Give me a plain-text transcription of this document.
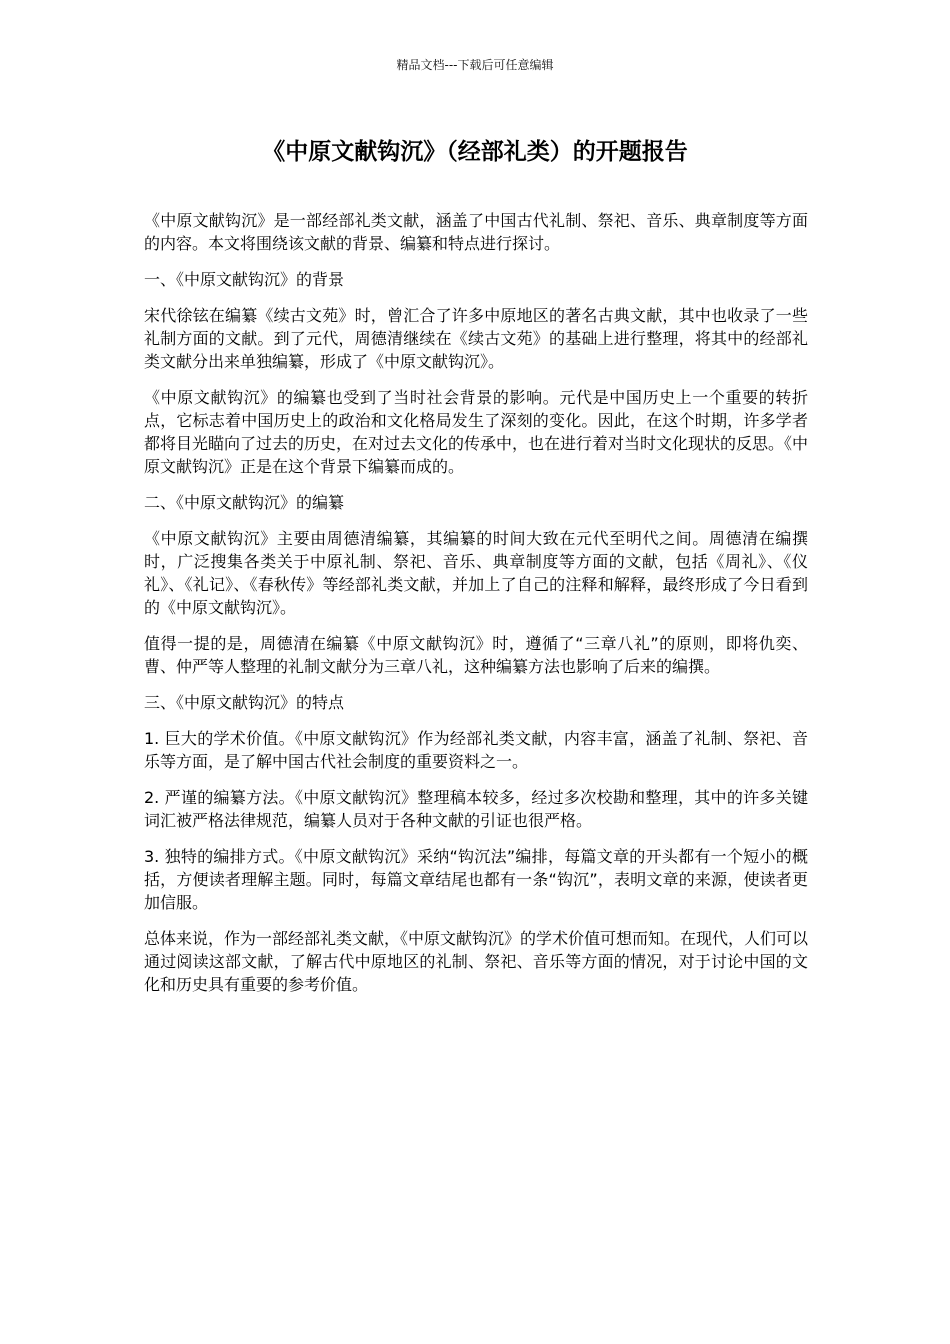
精品文档---下载后可任意编辑
《中原文献钩沉》（经部礼类）的开题报告

《中原文献钩沉》是一部经部礼类文献，涵盖了中国古代礼制、祭祀、音乐、典章制度等方面的内容。本文将围绕该文献的背景、编纂和特点进行探讨。

一、《中原文献钩沉》的背景

宋代徐铉在编纂《续古文苑》时，曾汇合了许多中原地区的著名古典文献，其中也收录了一些礼制方面的文献。到了元代，周德清继续在《续古文苑》的基础上进行整理，将其中的经部礼类文献分出来单独编纂，形成了《中原文献钩沉》。

《中原文献钩沉》的编纂也受到了当时社会背景的影响。元代是中国历史上一个重要的转折点，它标志着中国历史上的政治和文化格局发生了深刻的变化。因此，在这个时期，许多学者都将目光瞄向了过去的历史，在对过去文化的传承中，也在进行着对当时文化现状的反思。《中原文献钩沉》正是在这个背景下编纂而成的。

二、《中原文献钩沉》的编纂

《中原文献钩沉》主要由周德清编纂，其编纂的时间大致在元代至明代之间。周德清在编撰时，广泛搜集各类关于中原礼制、祭祀、音乐、典章制度等方面的文献，包括《周礼》、《仪礼》、《礼记》、《春秋传》等经部礼类文献，并加上了自己的注释和解释，最终形成了今日看到的《中原文献钩沉》。

值得一提的是，周德清在编纂《中原文献钩沉》时，遵循了“三章八礼”的原则，即将仇奕、曹、仲严等人整理的礼制文献分为三章八礼，这种编纂方法也影响了后来的编撰。

三、《中原文献钩沉》的特点

1. 巨大的学术价值。《中原文献钩沉》作为经部礼类文献，内容丰富，涵盖了礼制、祭祀、音乐等方面，是了解中国古代社会制度的重要资料之一。

2. 严谨的编纂方法。《中原文献钩沉》整理稿本较多，经过多次校勘和整理，其中的许多关键词汇被严格法律规范，编纂人员对于各种文献的引证也很严格。

3. 独特的编排方式。《中原文献钩沉》采纳“钩沉法”编排，每篇文章的开头都有一个短小的概括，方便读者理解主题。同时，每篇文章结尾也都有一条“钩沉”，表明文章的来源，使读者更加信服。

总体来说，作为一部经部礼类文献，《中原文献钩沉》的学术价值可想而知。在现代，人们可以通过阅读这部文献，了解古代中原地区的礼制、祭祀、音乐等方面的情况，对于讨论中国的文化和历史具有重要的参考价值。
